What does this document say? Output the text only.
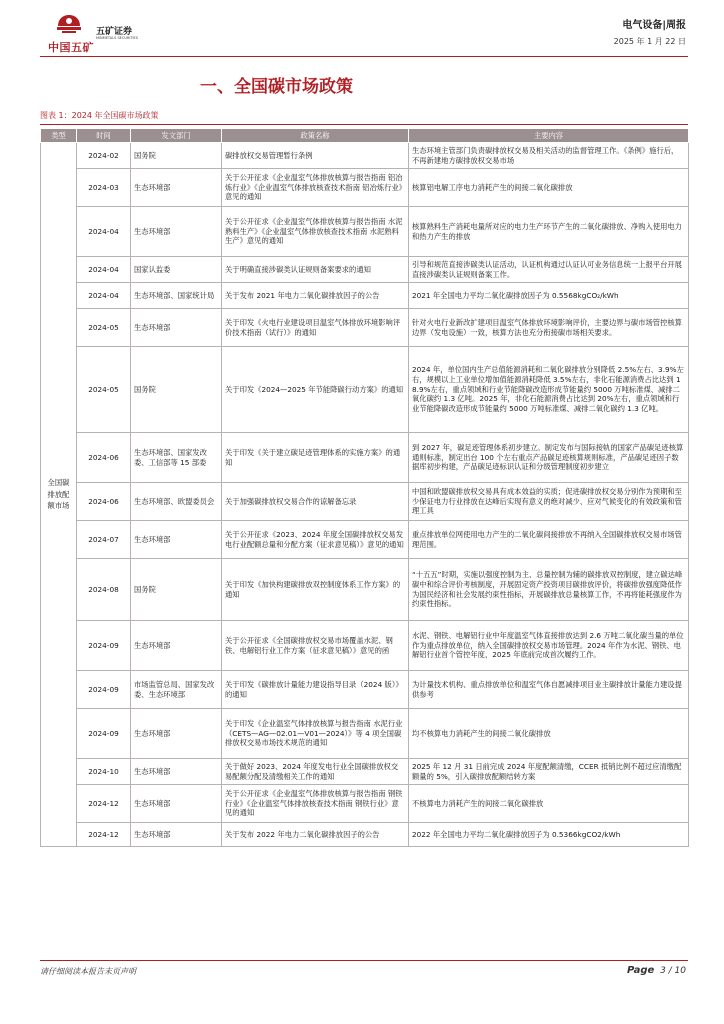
中国五矿
五矿证券
MINMETALS SECURITIES
电气设备|周报
2025 年 1 月 22 日
一、全国碳市场政策
图表 1：2024 年全国碳市场政策
类型	时间	发文部门	政策名称	主要内容
全国碳排放配额市场	2024-02	国务院	碳排放权交易管理暂行条例	生态环境主管部门负责碳排放权交易及相关活动的监督管理工作。《条例》施行后，不再新建地方碳排放权交易市场
	2024-03	生态环境部	关于公开征求《企业温室气体排放核算与报告指南 铝冶炼行业》《企业温室气体排放核查技术指南 铝冶炼行业》意见的通知	核算铝电解工序电力消耗产生的间接二氧化碳排放
	2024-04	生态环境部	关于公开征求《企业温室气体排放核算与报告指南 水泥熟料生产》《企业温室气体排放核查技术指南 水泥熟料生产》意见的通知	核算熟料生产消耗电量所对应的电力生产环节产生的二氧化碳排放、净购入使用电力和热力产生的排放
	2024-04	国家认监委	关于明确直接涉碳类认证规则备案要求的通知	引导和规范直接涉碳类认证活动，认证机构通过认证认可业务信息统一上报平台开展直接涉碳类认证规则备案工作。
	2024-04	生态环境部、国家统计局	关于发布 2021 年电力二氧化碳排放因子的公告	2021 年全国电力平均二氧化碳排放因子为 0.5568kgCO₂/kWh
	2024-05	生态环境部	关于印发《火电行业建设项目温室气体排放环境影响评价技术指南（试行）》的通知	针对火电行业新改扩建项目温室气体排放环境影响评价，主要边界与碳市场管控核算边界（发电设施）一致，核算方法也充分衔接碳市场相关要求。
	2024-05	国务院	关于印发《2024—2025 年节能降碳行动方案》的通知	2024 年，单位国内生产总值能源消耗和二氧化碳排放分别降低 2.5%左右、3.9%左右，规模以上工业单位增加值能源消耗降低 3.5%左右，非化石能源消费占比达到 18.9%左右，重点领域和行业节能降碳改造形成节能量约 5000 万吨标准煤、减排二氧化碳约 1.3 亿吨。2025 年，非化石能源消费占比达到 20%左右，重点领域和行业节能降碳改造形成节能量约 5000 万吨标准煤、减排二氧化碳约 1.3 亿吨。
	2024-06	生态环境部、国家发改委、工信部等 15 部委	关于印发《关于建立碳足迹管理体系的实施方案》的通知	到 2027 年，碳足迹管理体系初步建立。制定发布与国际接轨的国家产品碳足迹核算通则标准，制定出台 100 个左右重点产品碳足迹核算规则标准，产品碳足迹因子数据库初步构建，产品碳足迹标识认证和分级管理制度初步建立
	2024-06	生态环境部、欧盟委员会	关于加强碳排放权交易合作的谅解备忘录	中国和欧盟碳排放权交易具有成本效益的实质；促进碳排放权交易分别作为预期和至少保证电力行业排放在达峰后实现有意义的绝对减少、应对气候变化的有效政策和管理工具
	2024-07	生态环境部	关于公开征求《2023、2024 年度全国碳排放权交易发电行业配额总量和分配方案（征求意见稿）》意见的通知	重点排放单位网使用电力产生的二氧化碳间接排放不再纳入全国碳排放权交易市场管理范围。
	2024-08	国务院	关于印发《加快构建碳排放双控制度体系工作方案》的通知	“十五五”时期，实施以强度控制为主、总量控制为辅的碳排放双控制度，建立碳达峰碳中和综合评价考核制度，开展固定资产投资项目碳排放评价，将碳排放强度降低作为国民经济和社会发展约束性指标，开展碳排放总量核算工作，不再将能耗强度作为约束性指标。
	2024-09	生态环境部	关于公开征求《全国碳排放权交易市场覆盖水泥、钢铁、电解铝行业工作方案（征求意见稿）》意见的函	水泥、钢铁、电解铝行业中年度温室气体直接排放达到 2.6 万吨二氧化碳当量的单位作为重点排放单位，纳入全国碳排放权交易市场管理。2024 年作为水泥、钢铁、电解铝行业首个管控年度，2025 年底前完成首次履约工作。
	2024-09	市场监管总局、国家发改委、生态环境部	关于印发《碳排放计量能力建设指导目录（2024 版）》的通知	为计量技术机构、重点排放单位和温室气体自愿减排项目业主碳排放计量能力建设提供参考
	2024-09	生态环境部	关于印发《企业温室气体排放核算与报告指南 水泥行业（CETS—AG—02.01—V01—2024）》等 4 项全国碳排放权交易市场技术规范的通知	均不核算电力消耗产生的间接二氧化碳排放
	2024-10	生态环境部	关于做好 2023、2024 年度发电行业全国碳排放权交易配额分配及清缴相关工作的通知	2025 年 12 月 31 日前完成 2024 年度配额清缴，CCER 抵销比例不超过应清缴配额量的 5%，引入碳排放配额结转方案
	2024-12	生态环境部	关于公开征求《企业温室气体排放核算与报告指南 钢铁行业》《企业温室气体排放核查技术指南 钢铁行业》意见的通知	不核算电力消耗产生的间接二氧化碳排放
	2024-12	生态环境部	关于发布 2022 年电力二氧化碳排放因子的公告	2022 年全国电力平均二氧化碳排放因子为 0.5366kgCO2/kWh
请仔细阅读本报告末页声明	Page 3 / 10
